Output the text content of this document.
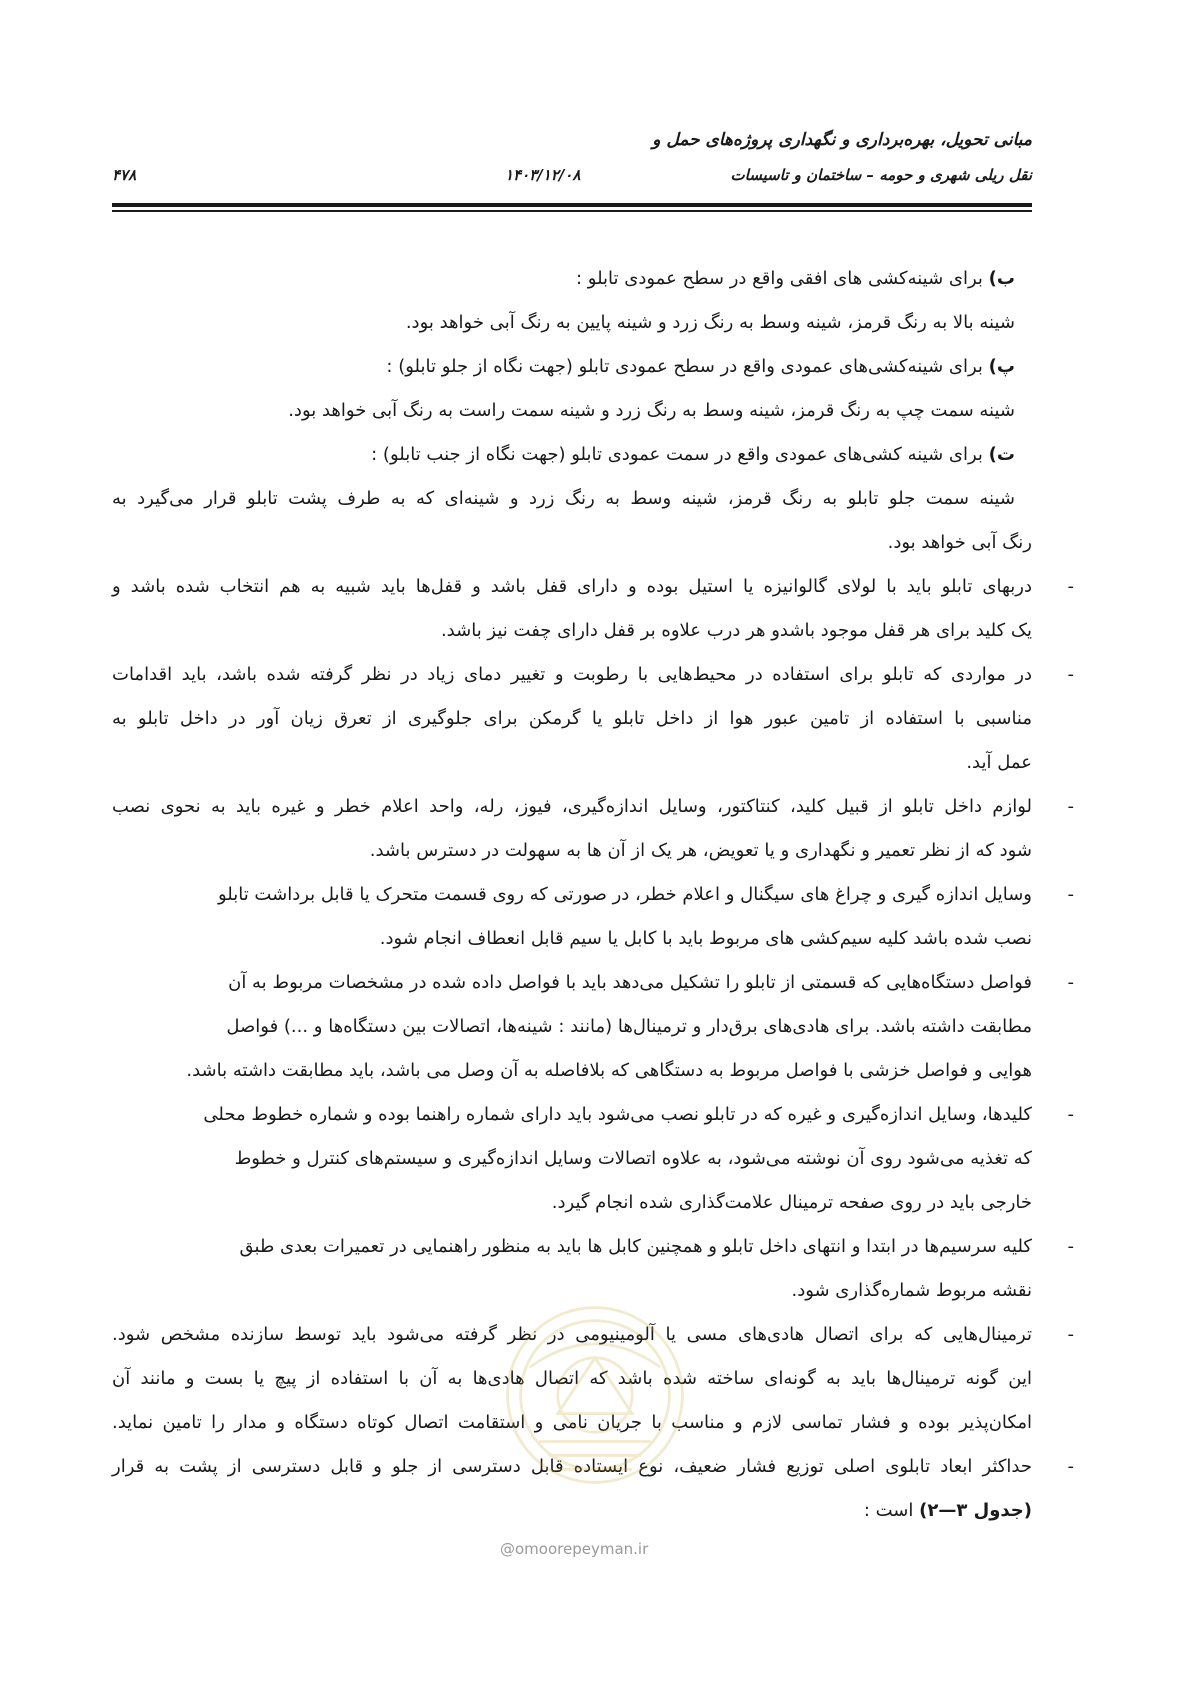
مبانی تحویل، بهره‌برداری و نگهداری پروژه‌های حمل و
نقل ریلی شهری و حومه – ساختمان و تاسیسات
۱۴۰۳/۱۲/۰۸
۴۷۸
ب) برای شینه‌کشی های افقی واقع در سطح عمودی تابلو :
شینه بالا به رنگ قرمز، شینه وسط به رنگ زرد و شینه پایین به رنگ آبی خواهد بود.
پ) برای شینه‌کشی‌های عمودی واقع در سطح عمودی تابلو (جهت نگاه از جلو تابلو) :
شینه سمت چپ به رنگ قرمز، شینه وسط به رنگ زرد و شینه سمت راست به رنگ آبی خواهد بود.
ت) برای شینه کشی‌های عمودی واقع در سمت عمودی تابلو (جهت نگاه از جنب تابلو) :
شینه سمت جلو تابلو به رنگ قرمز، شینه وسط به رنگ زرد و شینه‌ای که به طرف پشت تابلو قرار می‌گیرد به
رنگ آبی خواهد بود.
-
دربهای تابلو باید با لولای گالوانیزه یا استیل بوده و دارای قفل باشد و قفل‌ها باید شبیه به هم انتخاب شده باشد و
یک کلید برای هر قفل موجود باشدو هر درب علاوه بر قفل دارای چفت نیز باشد.
-
در مواردی که تابلو برای استفاده در محیط‌هایی با رطوبت و تغییر دمای زیاد در نظر گرفته شده باشد، باید اقدامات
مناسبی با استفاده از تامین عبور هوا از داخل تابلو یا گرمکن برای جلوگیری از تعرق زیان آور در داخل تابلو به
عمل آید.
-
لوازم داخل تابلو از قبیل کلید، کنتاکتور، وسایل اندازه‌گیری، فیوز، رله، واحد اعلام خطر و غیره باید به نحوی نصب
شود که از نظر تعمیر و نگهداری و یا تعویض، هر یک از آن ها به سهولت در دسترس باشد.
-
وسایل اندازه گیری و چراغ های سیگنال و اعلام خطر، در صورتی که روی قسمت متحرک یا قابل برداشت تابلو
نصب شده باشد کلیه سیم‌کشی های مربوط باید با کابل یا سیم قابل انعطاف انجام شود.
-
فواصل دستگاه‌هایی که قسمتی از تابلو را تشکیل می‌دهد باید با فواصل داده شده در مشخصات مربوط به آن
مطابقت داشته باشد. برای هادی‌های برق‌دار و ترمینال‌ها (مانند : شینه‌ها، اتصالات بین دستگاه‌ها و ...) فواصل
هوایی و فواصل خزشی با فواصل مربوط به دستگاهی که بلافاصله به آن وصل می باشد، باید مطابقت داشته باشد.
-
کلیدها، وسایل اندازه‌گیری و غیره که در تابلو نصب می‌شود باید دارای شماره راهنما بوده و شماره خطوط محلی
که تغذیه می‌شود روی آن نوشته می‌شود، به علاوه اتصالات وسایل اندازه‌گیری و سیستم‌های کنترل و خطوط
خارجی باید در روی صفحه ترمینال علامت‌گذاری شده انجام گیرد.
-
کلیه سرسیم‌ها در ابتدا و انتهای داخل تابلو و همچنین کابل ها باید به منظور راهنمایی در تعمیرات بعدی طبق
نقشه مربوط شماره‌گذاری شود.
-
ترمینال‌هایی که برای اتصال هادی‌های مسی یا آلومینیومی در نظر گرفته می‌شود باید توسط سازنده مشخص شود.
این گونه ترمینال‌ها باید به گونه‌ای ساخته شده باشد که اتصال هادی‌ها به آن با استفاده از پیچ یا بست و مانند آن
امکان‌پذیر بوده و فشار تماسی لازم و مناسب با جریان نامی و استقامت اتصال کوتاه دستگاه و مدار را تامین نماید.
-
حداکثر ابعاد تابلوی اصلی توزیع فشار ضعیف، نوع ایستاده قابل دسترسی از جلو و قابل دسترسی از پشت به قرار
(جدول ۳—۲) است :
@omoorepeyman.ir
